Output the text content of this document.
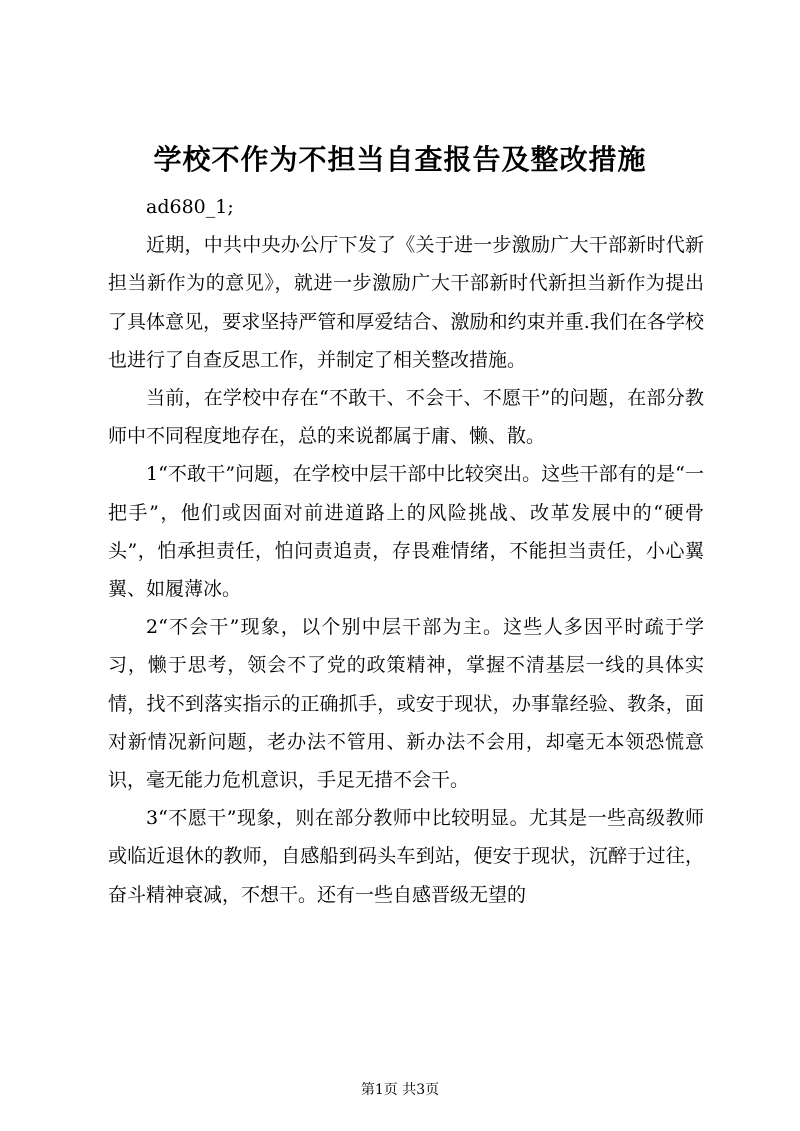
学校不作为不担当自查报告及整改措施

ad680_1;

近期，中共中央办公厅下发了《关于进一步激励广大干部新时代新担当新作为的意见》，就进一步激励广大干部新时代新担当新作为提出了具体意见，要求坚持严管和厚爱结合、激励和约束并重.我们在各学校也进行了自查反思工作，并制定了相关整改措施。

当前，在学校中存在“不敢干、不会干、不愿干”的问题，在部分教师中不同程度地存在，总的来说都属于庸、懒、散。

1“不敢干”问题，在学校中层干部中比较突出。这些干部有的是“一把手”，他们或因面对前进道路上的风险挑战、改革发展中的“硬骨头”，怕承担责任，怕问责追责，存畏难情绪，不能担当责任，小心翼翼、如履薄冰。

2“不会干”现象，以个别中层干部为主。这些人多因平时疏于学习，懒于思考，领会不了党的政策精神，掌握不清基层一线的具体实情，找不到落实指示的正确抓手，或安于现状，办事靠经验、教条，面对新情况新问题，老办法不管用、新办法不会用，却毫无本领恐慌意识，毫无能力危机意识，手足无措不会干。

3“不愿干”现象，则在部分教师中比较明显。尤其是一些高级教师或临近退休的教师，自感船到码头车到站，便安于现状，沉醉于过往，奋斗精神衰减，不想干。还有一些自感晋级无望的

第1页 共3页
